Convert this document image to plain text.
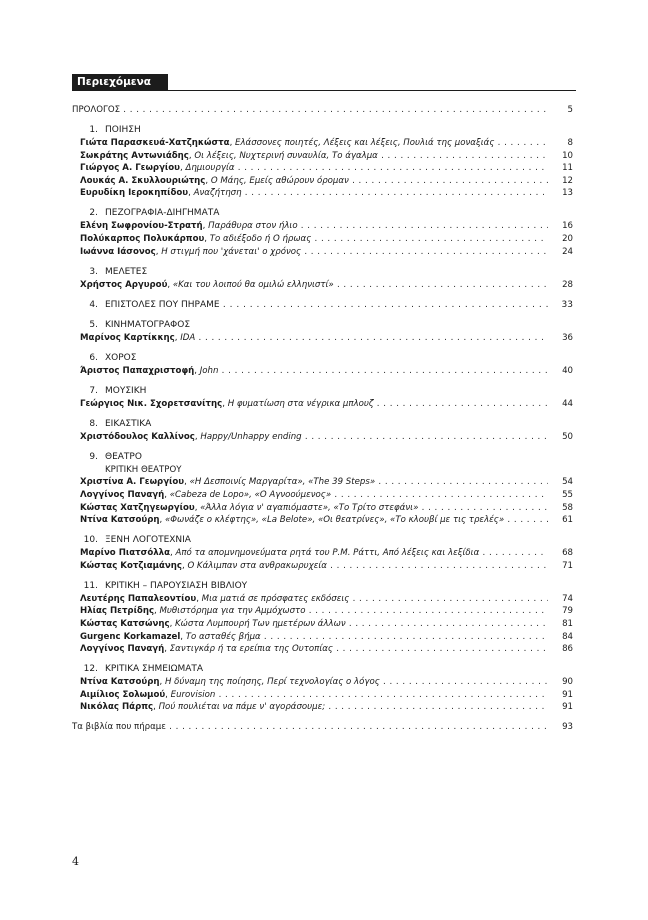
Περιεχόμενα
ΠΡΟΛΟΓΟΣ . . .	5
1. ΠΟΙΗΣΗ
Γιώτα Παρασκευά-Χατζηκώστα, Ελάσσονες ποιητές, Λέξεις και λέξεις, Πουλιά της μοναξιάς . . .	8
Σωκράτης Αντωνιάδης, Οι λέξεις, Νυχτερινή συναυλία, Το άγαλμα . . .	10
Γιώργος Α. Γεωργίου, Δημιουργία . . .	11
Λουκάς Α. Σκυλλουριώτης, Ο Μάης, Εμείς αθώρουν όρομαν . . .	12
Ευρυδίκη Ιεροκηπίδου, Αναζήτηση . . .	13
2. ΠΕΖΟΓΡΑΦΙΑ-ΔΙΗΓΗΜΑΤΑ
Ελένη Σωφρονίου-Στρατή, Παράθυρα στον ήλιο . . .	16
Πολύκαρπος Πολυκάρπου, Το αδιέξοδο ή Ο ήρωας . . .	20
Ιωάννα Ιάσονος, Η στιγμή που 'χάνεται' ο χρόνος . . .	24
3. ΜΕΛΕΤΕΣ
Χρήστος Αργυρού, «Και του λοιπού θα ομιλώ ελληνιστί» . . .	28
4. ΕΠΙΣΤΟΛΕΣ ΠΟΥ ΠΗΡΑΜΕ . . .	33
5. ΚΙΝΗΜΑΤΟΓΡΑΦΟΣ
Μαρίνος Καρτίκκης, IDA . . .	36
6. ΧΟΡΟΣ
Άριστος Παπαχριστοφή, John . . .	40
7. ΜΟΥΣΙΚΗ
Γεώργιος Νικ. Σχορετσανίτης, Η φυματίωση στα νέγρικα μπλουζ . . .	44
8. ΕΙΚΑΣΤΙΚΑ
Χριστόδουλος Καλλίνος, Happy/Unhappy ending . . .	50
9. ΘΕΑΤΡΟ
ΚΡΙΤΙΚΗ ΘΕΑΤΡΟΥ
Χριστίνα Α. Γεωργίου, «Η Δεσποινίς Μαργαρίτα», «The 39 Steps» . . .	54
Λογγίνος Παναγή, «Cabeza de Lopo», «Ο Αγνοούμενος» . . .	55
Κώστας Χατζηγεωργίου, «Άλλα λόγια ν' αγαπιόμαστε», «Το Τρίτο στεφάνι» . . .	58
Ντίνα Κατσούρη, «Φωνάζε ο κλέφτης», «La Belote», «Οι θεατρίνες», «Το κλουβί με τις τρελές» . . .	61
10. ΞΕΝΗ ΛΟΓΟΤΕΧΝΙΑ
Μαρίνο Πιατσόλλα, Από τα απομνημονεύματα ρητά του Ρ.Μ. Ράττι, Από λέξεις και λεξίδια . . .	68
Κώστας Κοτζιαμάνης, Ο Κάλιμπαν στα ανθρακωρυχεία . . .	71
11. ΚΡΙΤΙΚΗ – ΠΑΡΟΥΣΙΑΣΗ ΒΙΒΛΙΟΥ
Λευτέρης Παπαλεοντίου, Μια ματιά σε πρόσφατες εκδόσεις . . .	74
Ηλίας Πετρίδης, Μυθιστόρημα για την Αμμόχωστο . . .	79
Κώστας Κατσώνης, Κώστα Λυμπουρή Των ημετέρων άλλων . . .	81
Gurgenc Korkamazel, Το ασταθές βήμα . . .	84
Λογγίνος Παναγή, Σαντιγκάρ ή τα ερείπια της Ουτοπίας . . .	86
12. ΚΡΙΤΙΚΑ ΣΗΜΕΙΩΜΑΤΑ
Ντίνα Κατσούρη, Η δύναμη της ποίησης, Περί τεχνολογίας ο λόγος . . .	90
Αιμίλιος Σολωμού, Eurovision . . .	91
Νικόλας Πάρπς, Πού πουλιέται να πάμε ν' αγοράσουμε; . . .	91
Τα βιβλία που πήραμε . . .	93
4
